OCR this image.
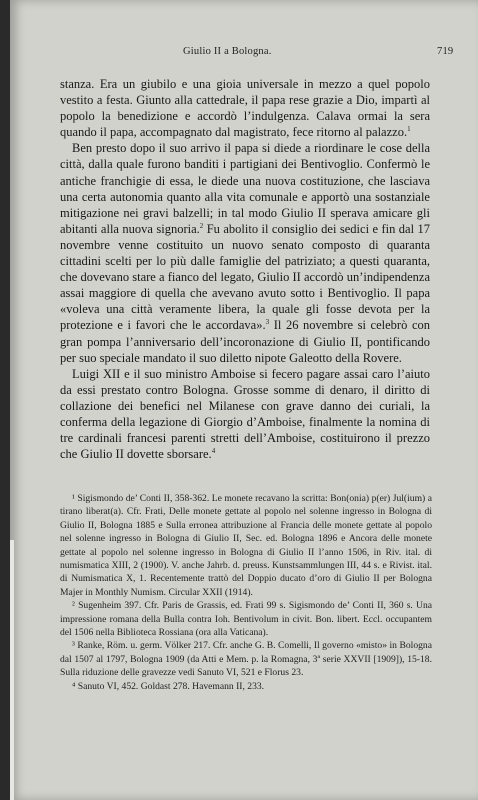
Giulio II a Bologna.	719

stanza. Era un giubilo e una gioia universale in mezzo a quel popolo vestito a festa. Giunto alla cattedrale, il papa rese grazie a Dio, impartì al popolo la benedizione e accordò l’indulgenza. Calava ormai la sera quando il papa, accompagnato dal magistrato, fece ritorno al palazzo.$^1$

Ben presto dopo il suo arrivo il papa si diede a riordinare le cose della città, dalla quale furono banditi i partigiani dei Bentivoglio. Confermò le antiche franchigie di essa, le diede una nuova costituzione, che lasciava una certa autonomia quanto alla vita comunale e apportò una sostanziale mitigazione nei gravi balzelli; in tal modo Giulio II sperava amicare gli abitanti alla nuova signoria.$^2$ Fu abolito il consiglio dei sedici e fin dal 17 novembre venne costituito un nuovo senato composto di quaranta cittadini scelti per lo più dalle famiglie del patriziato; a questi quaranta, che dovevano stare a fianco del legato, Giulio II accordò un’indipendenza assai maggiore di quella che avevano avuto sotto i Bentivoglio. Il papa «voleva una città veramente libera, la quale gli fosse devota per la protezione e i favori che le accordava».$^3$ Il 26 novembre si celebrò con gran pompa l’anniversario dell’incoronazione di Giulio II, pontificando per suo speciale mandato il suo diletto nipote Galeotto della Rovere.

Luigi XII e il suo ministro Amboise si fecero pagare assai caro l’aiuto da essi prestato contro Bologna. Grosse somme di denaro, il diritto di collazione dei benefici nel Milanese con grave danno dei curiali, la conferma della legazione di Giorgio d’Amboise, finalmente la nomina di tre cardinali francesi parenti stretti dell’Amboise, costituirono il prezzo che Giulio II dovette sborsare.$^4$

¹ Sigismondo de’ Conti II, 358-362. Le monete recavano la scritta: Bon(onia) p(er) Jul(ium) a tirano liberat(a). Cfr. Frati, Delle monete gettate al popolo nel solenne ingresso in Bologna di Giulio II, Bologna 1885 e Sulla erronea attribuzione al Francia delle monete gettate al popolo nel solenne ingresso in Bologna di Giulio II, Sec. ed. Bologna 1896 e Ancora delle monete gettate al popolo nel solenne ingresso in Bologna di Giulio II l’anno 1506, in Riv. ital. di numismatica XIII, 2 (1900). V. anche Jahrb. d. preuss. Kunstsammlungen III, 44 s. e Rivist. ital. di Numismatica X, 1. Recentemente trattò del Doppio ducato d’oro di Giulio II per Bologna Majer in Monthly Numism. Circular XXII (1914).

² Sugenheim 397. Cfr. Paris de Grassis, ed. Frati 99 s. Sigismondo de’ Conti II, 360 s. Una impressione romana della Bulla contra Ioh. Bentivolum in civit. Bon. libert. Eccl. occupantem del 1506 nella Biblioteca Rossiana (ora alla Vaticana).

³ Ranke, Röm. u. germ. Völker 217. Cfr. anche G. B. Comelli, Il governo «misto» in Bologna dal 1507 al 1797, Bologna 1909 (da Atti e Mem. p. la Romagna, 3ª serie XXVII [1909]), 15-18. Sulla riduzione delle gravezze vedi Sanuto VI, 521 e Florus 23.

⁴ Sanuto VI, 452. Goldast 278. Havemann II, 233.
